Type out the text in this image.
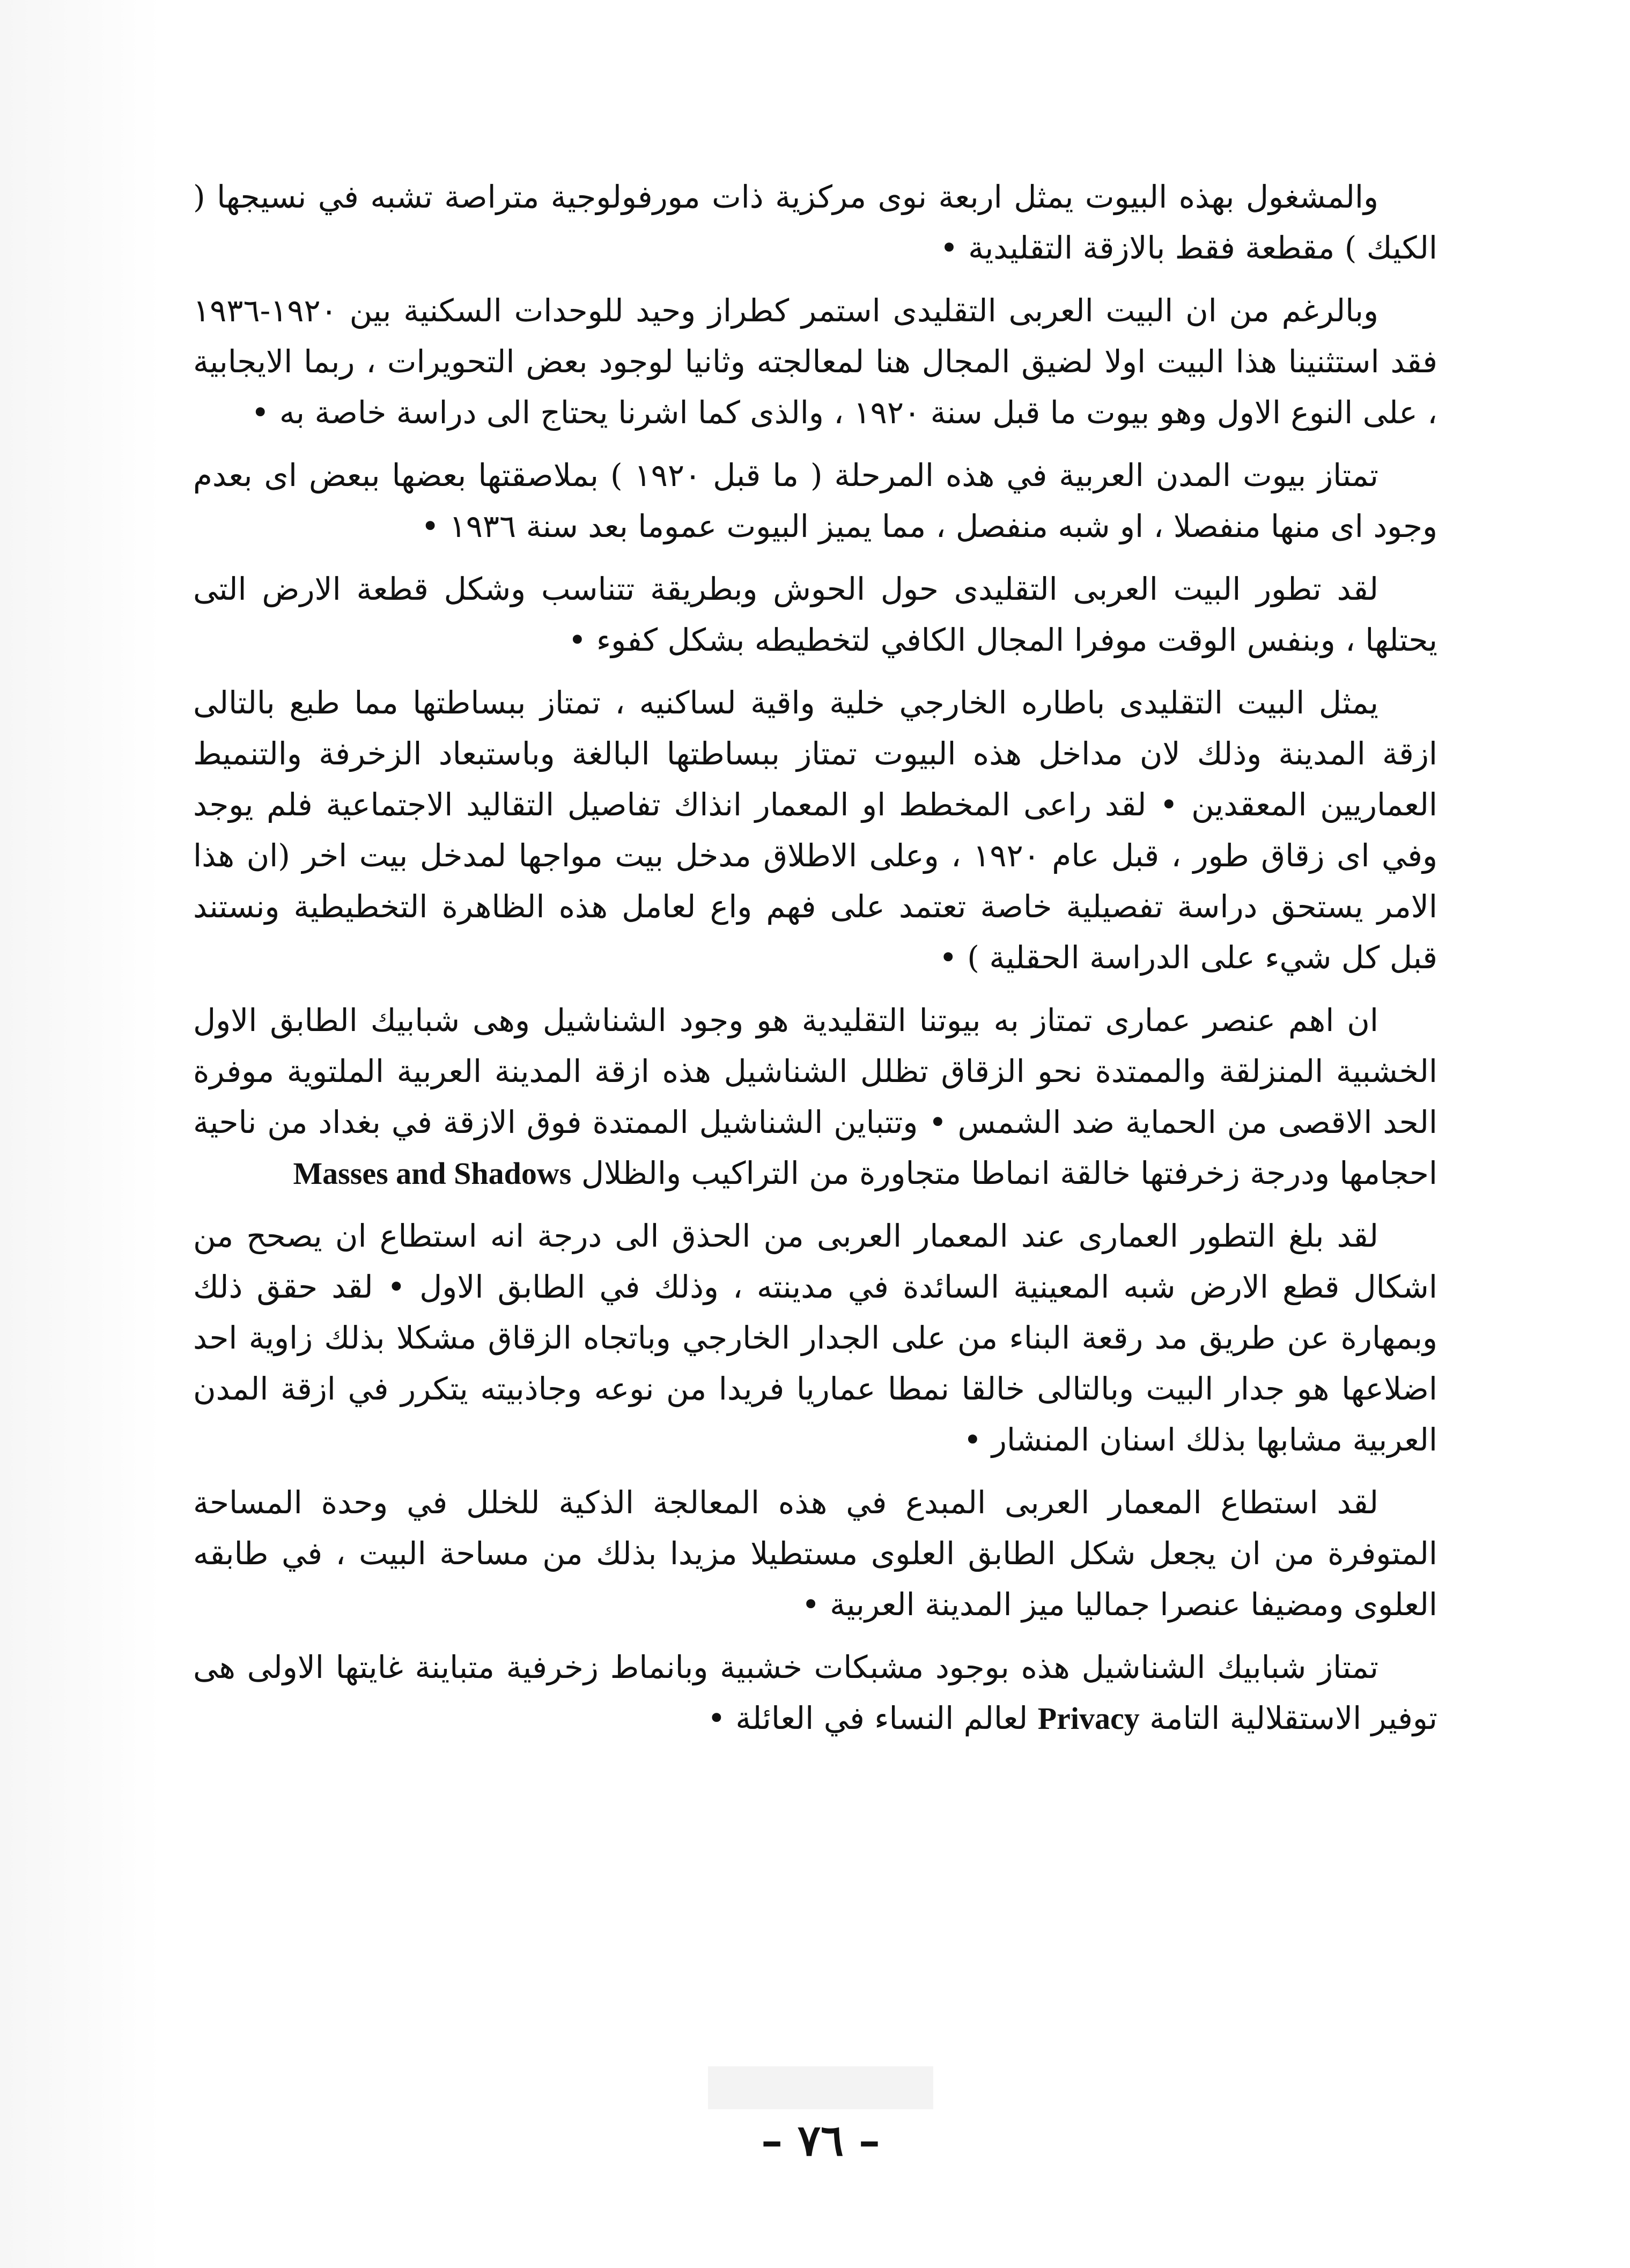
والمشغول بهذه البيوت يمثل اربعة نوى مركزية ذات مورفولوجية متراصة تشبه في نسيجها ( الكيك ) مقطعة فقط بالازقة التقليدية •

وبالرغم من ان البيت العربى التقليدى استمر كطراز وحيد للوحدات السكنية بين ١٩٢٠-١٩٣٦ فقد استثنينا هذا البيت اولا لضيق المجال هنا لمعالجته وثانيا لوجود بعض التحويرات ، ربما الايجابية ، على النوع الاول وهو بيوت ما قبل سنة ١٩٢٠ ، والذى كما اشرنا يحتاج الى دراسة خاصة به •

تمتاز بيوت المدن العربية في هذه المرحلة ( ما قبل ١٩٢٠ ) بملاصقتها بعضها ببعض اى بعدم وجود اى منها منفصلا ، او شبه منفصل ، مما يميز البيوت عموما بعد سنة ١٩٣٦ •

لقد تطور البيت العربى التقليدى حول الحوش وبطريقة تتناسب وشكل قطعة الارض التى يحتلها ، وبنفس الوقت موفرا المجال الكافي لتخطيطه بشكل كفوء •

يمثل البيت التقليدى باطاره الخارجي خلية واقية لساكنيه ، تمتاز ببساطتها مما طبع بالتالى ازقة المدينة وذلك لان مداخل هذه البيوت تمتاز ببساطتها البالغة وباستبعاد الزخرفة والتنميط العماريين المعقدين • لقد راعى المخطط او المعمار انذاك تفاصيل التقاليد الاجتماعية فلم يوجد وفي اى زقاق طور ، قبل عام ١٩٢٠ ، وعلى الاطلاق مدخل بيت مواجها لمدخل بيت اخر (ان هذا الامر يستحق دراسة تفصيلية خاصة تعتمد على فهم واع لعامل هذه الظاهرة التخطيطية ونستند قبل كل شيء على الدراسة الحقلية ) •

ان اهم عنصر عمارى تمتاز به بيوتنا التقليدية هو وجود الشناشيل وهى شبابيك الطابق الاول الخشبية المنزلقة والممتدة نحو الزقاق تظلل الشناشيل هذه ازقة المدينة العربية الملتوية موفرة الحد الاقصى من الحماية ضد الشمس • وتتباين الشناشيل الممتدة فوق الازقة في بغداد من ناحية احجامها ودرجة زخرفتها خالقة انماطا متجاورة من التراكيب والظلال Masses and Shadows

لقد بلغ التطور العمارى عند المعمار العربى من الحذق الى درجة انه استطاع ان يصحح من اشكال قطع الارض شبه المعينية السائدة في مدينته ، وذلك في الطابق الاول • لقد حقق ذلك وبمهارة عن طريق مد رقعة البناء من على الجدار الخارجي وباتجاه الزقاق مشكلا بذلك زاوية احد اضلاعها هو جدار البيت وبالتالى خالقا نمطا عماريا فريدا من نوعه وجاذبيته يتكرر في ازقة المدن العربية مشابها بذلك اسنان المنشار •

لقد استطاع المعمار العربى المبدع في هذه المعالجة الذكية للخلل في وحدة المساحة المتوفرة من ان يجعل شكل الطابق العلوى مستطيلا مزيدا بذلك من مساحة البيت ، في طابقه العلوى ومضيفا عنصرا جماليا ميز المدينة العربية •

تمتاز شبابيك الشناشيل هذه بوجود مشبكات خشبية وبانماط زخرفية متباينة غايتها الاولى هى توفير الاستقلالية التامة Privacy لعالم النساء في العائلة •

– ٧٦ –
